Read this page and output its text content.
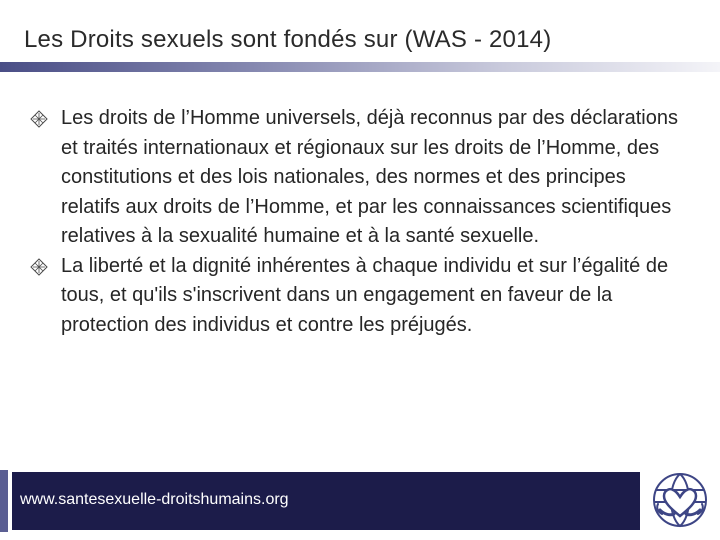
Les Droits sexuels sont fondés sur (WAS - 2014)
Les droits de l’Homme universels, déjà reconnus par des déclarations et traités internationaux et régionaux sur les droits de l’Homme, des constitutions et des lois nationales, des normes et des principes relatifs aux droits de l’Homme, et par les connaissances scientifiques relatives à la sexualité humaine et à la santé sexuelle.
La liberté et la dignité inhérentes à chaque individu et sur l’égalité de tous, et qu'ils s'inscrivent dans un engagement en faveur de la protection des individus et contre les préjugés.
www.santesexuelle-droitshumains.org
